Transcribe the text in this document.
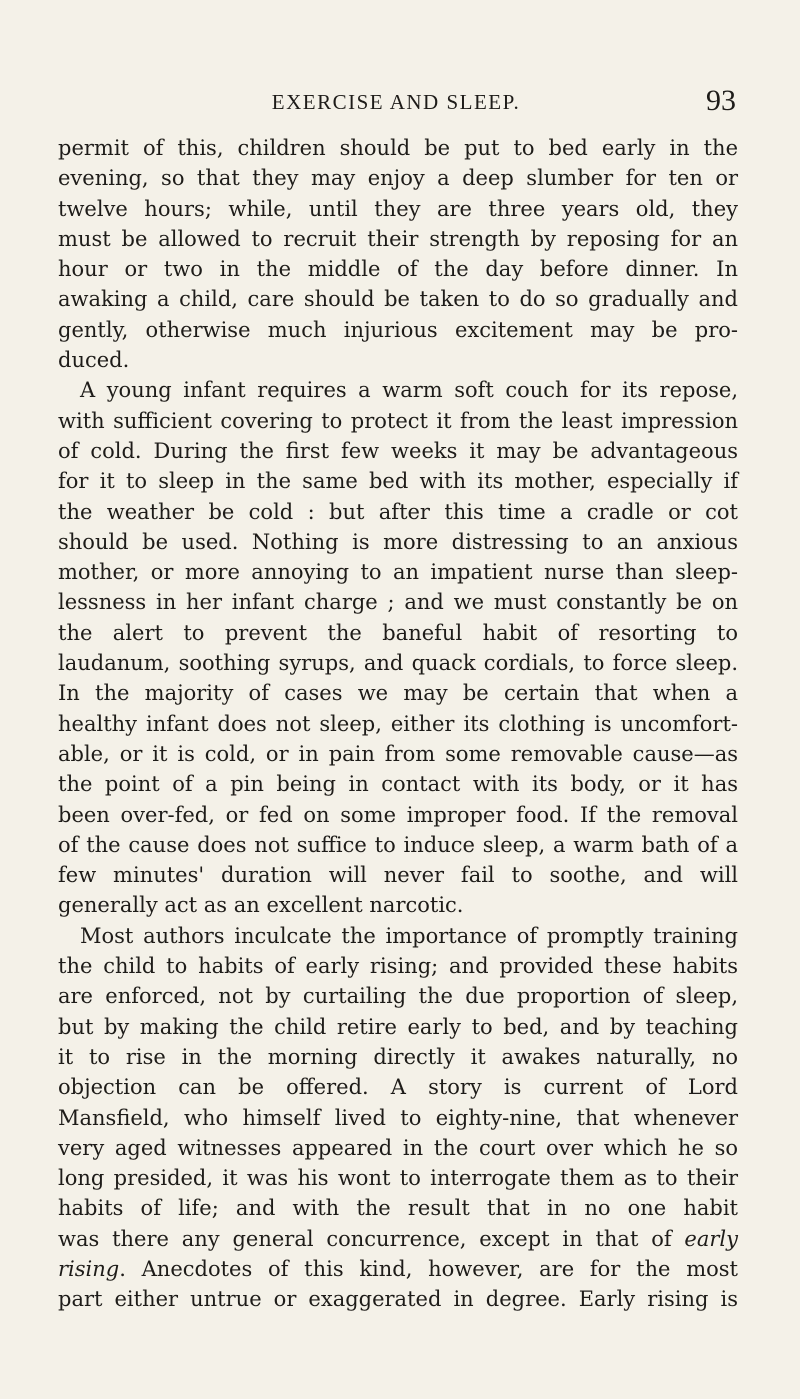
EXERCISE AND SLEEP.	93
permit of this, children should be put to bed early in the
evening, so that they may enjoy a deep slumber for ten or
twelve hours; while, until they are three years old, they
must be allowed to recruit their strength by reposing for an
hour or two in the middle of the day before dinner. In
awaking a child, care should be taken to do so gradually and
gently, otherwise much injurious excitement may be pro-
duced.
A young infant requires a warm soft couch for its repose,
with sufficient covering to protect it from the least impression
of cold. During the first few weeks it may be advantageous
for it to sleep in the same bed with its mother, especially if
the weather be cold : but after this time a cradle or cot
should be used. Nothing is more distressing to an anxious
mother, or more annoying to an impatient nurse than sleep-
lessness in her infant charge ; and we must constantly be on
the alert to prevent the baneful habit of resorting to
laudanum, soothing syrups, and quack cordials, to force sleep.
In the majority of cases we may be certain that when a
healthy infant does not sleep, either its clothing is uncomfort-
able, or it is cold, or in pain from some removable cause—as
the point of a pin being in contact with its body, or it has
been over-fed, or fed on some improper food. If the removal
of the cause does not suffice to induce sleep, a warm bath of a
few minutes' duration will never fail to soothe, and will
generally act as an excellent narcotic.
Most authors inculcate the importance of promptly training
the child to habits of early rising; and provided these habits
are enforced, not by curtailing the due proportion of sleep,
but by making the child retire early to bed, and by teaching
it to rise in the morning directly it awakes naturally, no
objection can be offered. A story is current of Lord
Mansfield, who himself lived to eighty-nine, that whenever
very aged witnesses appeared in the court over which he so
long presided, it was his wont to interrogate them as to their
habits of life; and with the result that in no one habit
was there any general concurrence, except in that of early
rising. Anecdotes of this kind, however, are for the most
part either untrue or exaggerated in degree. Early rising is
